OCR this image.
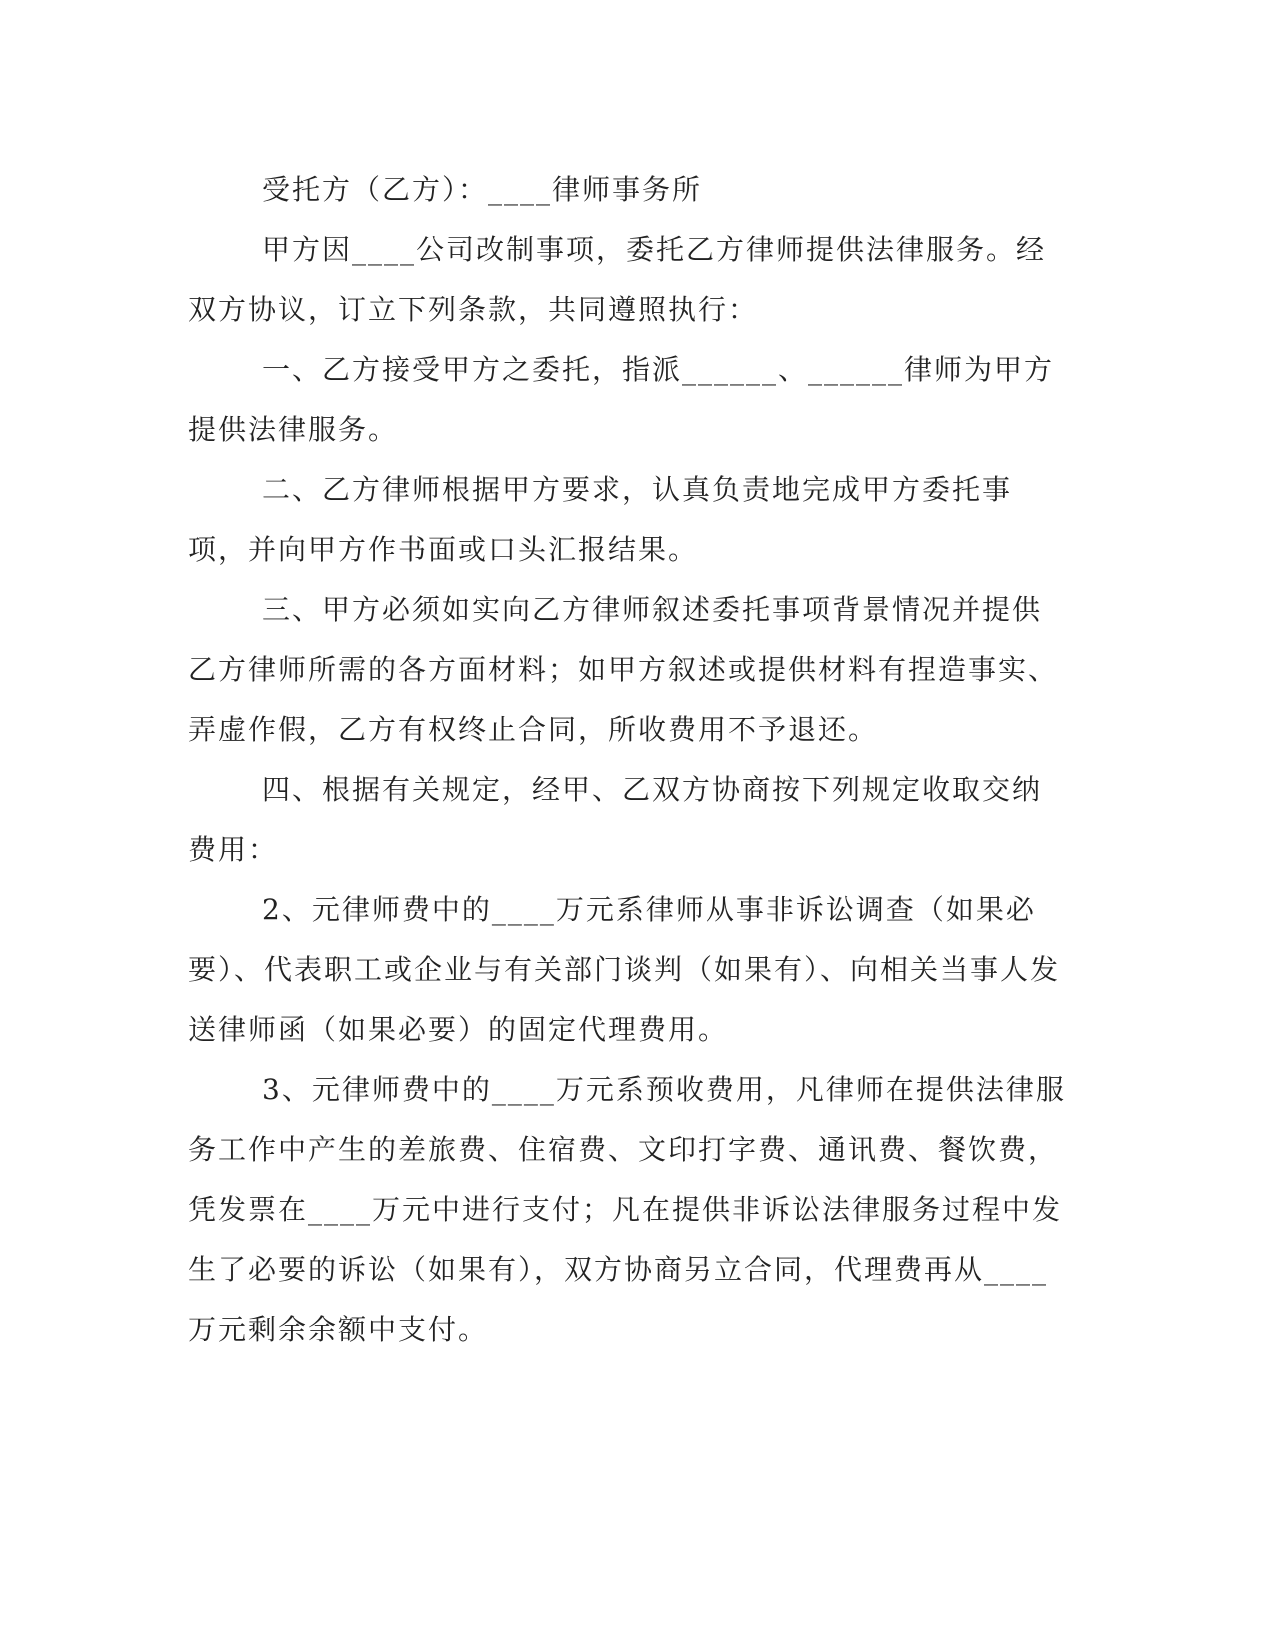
受托方（乙方）：____律师事务所

甲方因____公司改制事项，委托乙方律师提供法律服务。经双方协议，订立下列条款，共同遵照执行：

一、乙方接受甲方之委托，指派______、______律师为甲方提供法律服务。

二、乙方律师根据甲方要求，认真负责地完成甲方委托事项，并向甲方作书面或口头汇报结果。

三、甲方必须如实向乙方律师叙述委托事项背景情况并提供乙方律师所需的各方面材料；如甲方叙述或提供材料有捏造事实、弄虚作假，乙方有权终止合同，所收费用不予退还。

四、根据有关规定，经甲、乙双方协商按下列规定收取交纳费用：

2、元律师费中的____万元系律师从事非诉讼调查（如果必要）、代表职工或企业与有关部门谈判（如果有）、向相关当事人发送律师函（如果必要）的固定代理费用。

3、元律师费中的____万元系预收费用，凡律师在提供法律服务工作中产生的差旅费、住宿费、文印打字费、通讯费、餐饮费，凭发票在____万元中进行支付；凡在提供非诉讼法律服务过程中发生了必要的诉讼（如果有），双方协商另立合同，代理费再从____万元剩余余额中支付。
